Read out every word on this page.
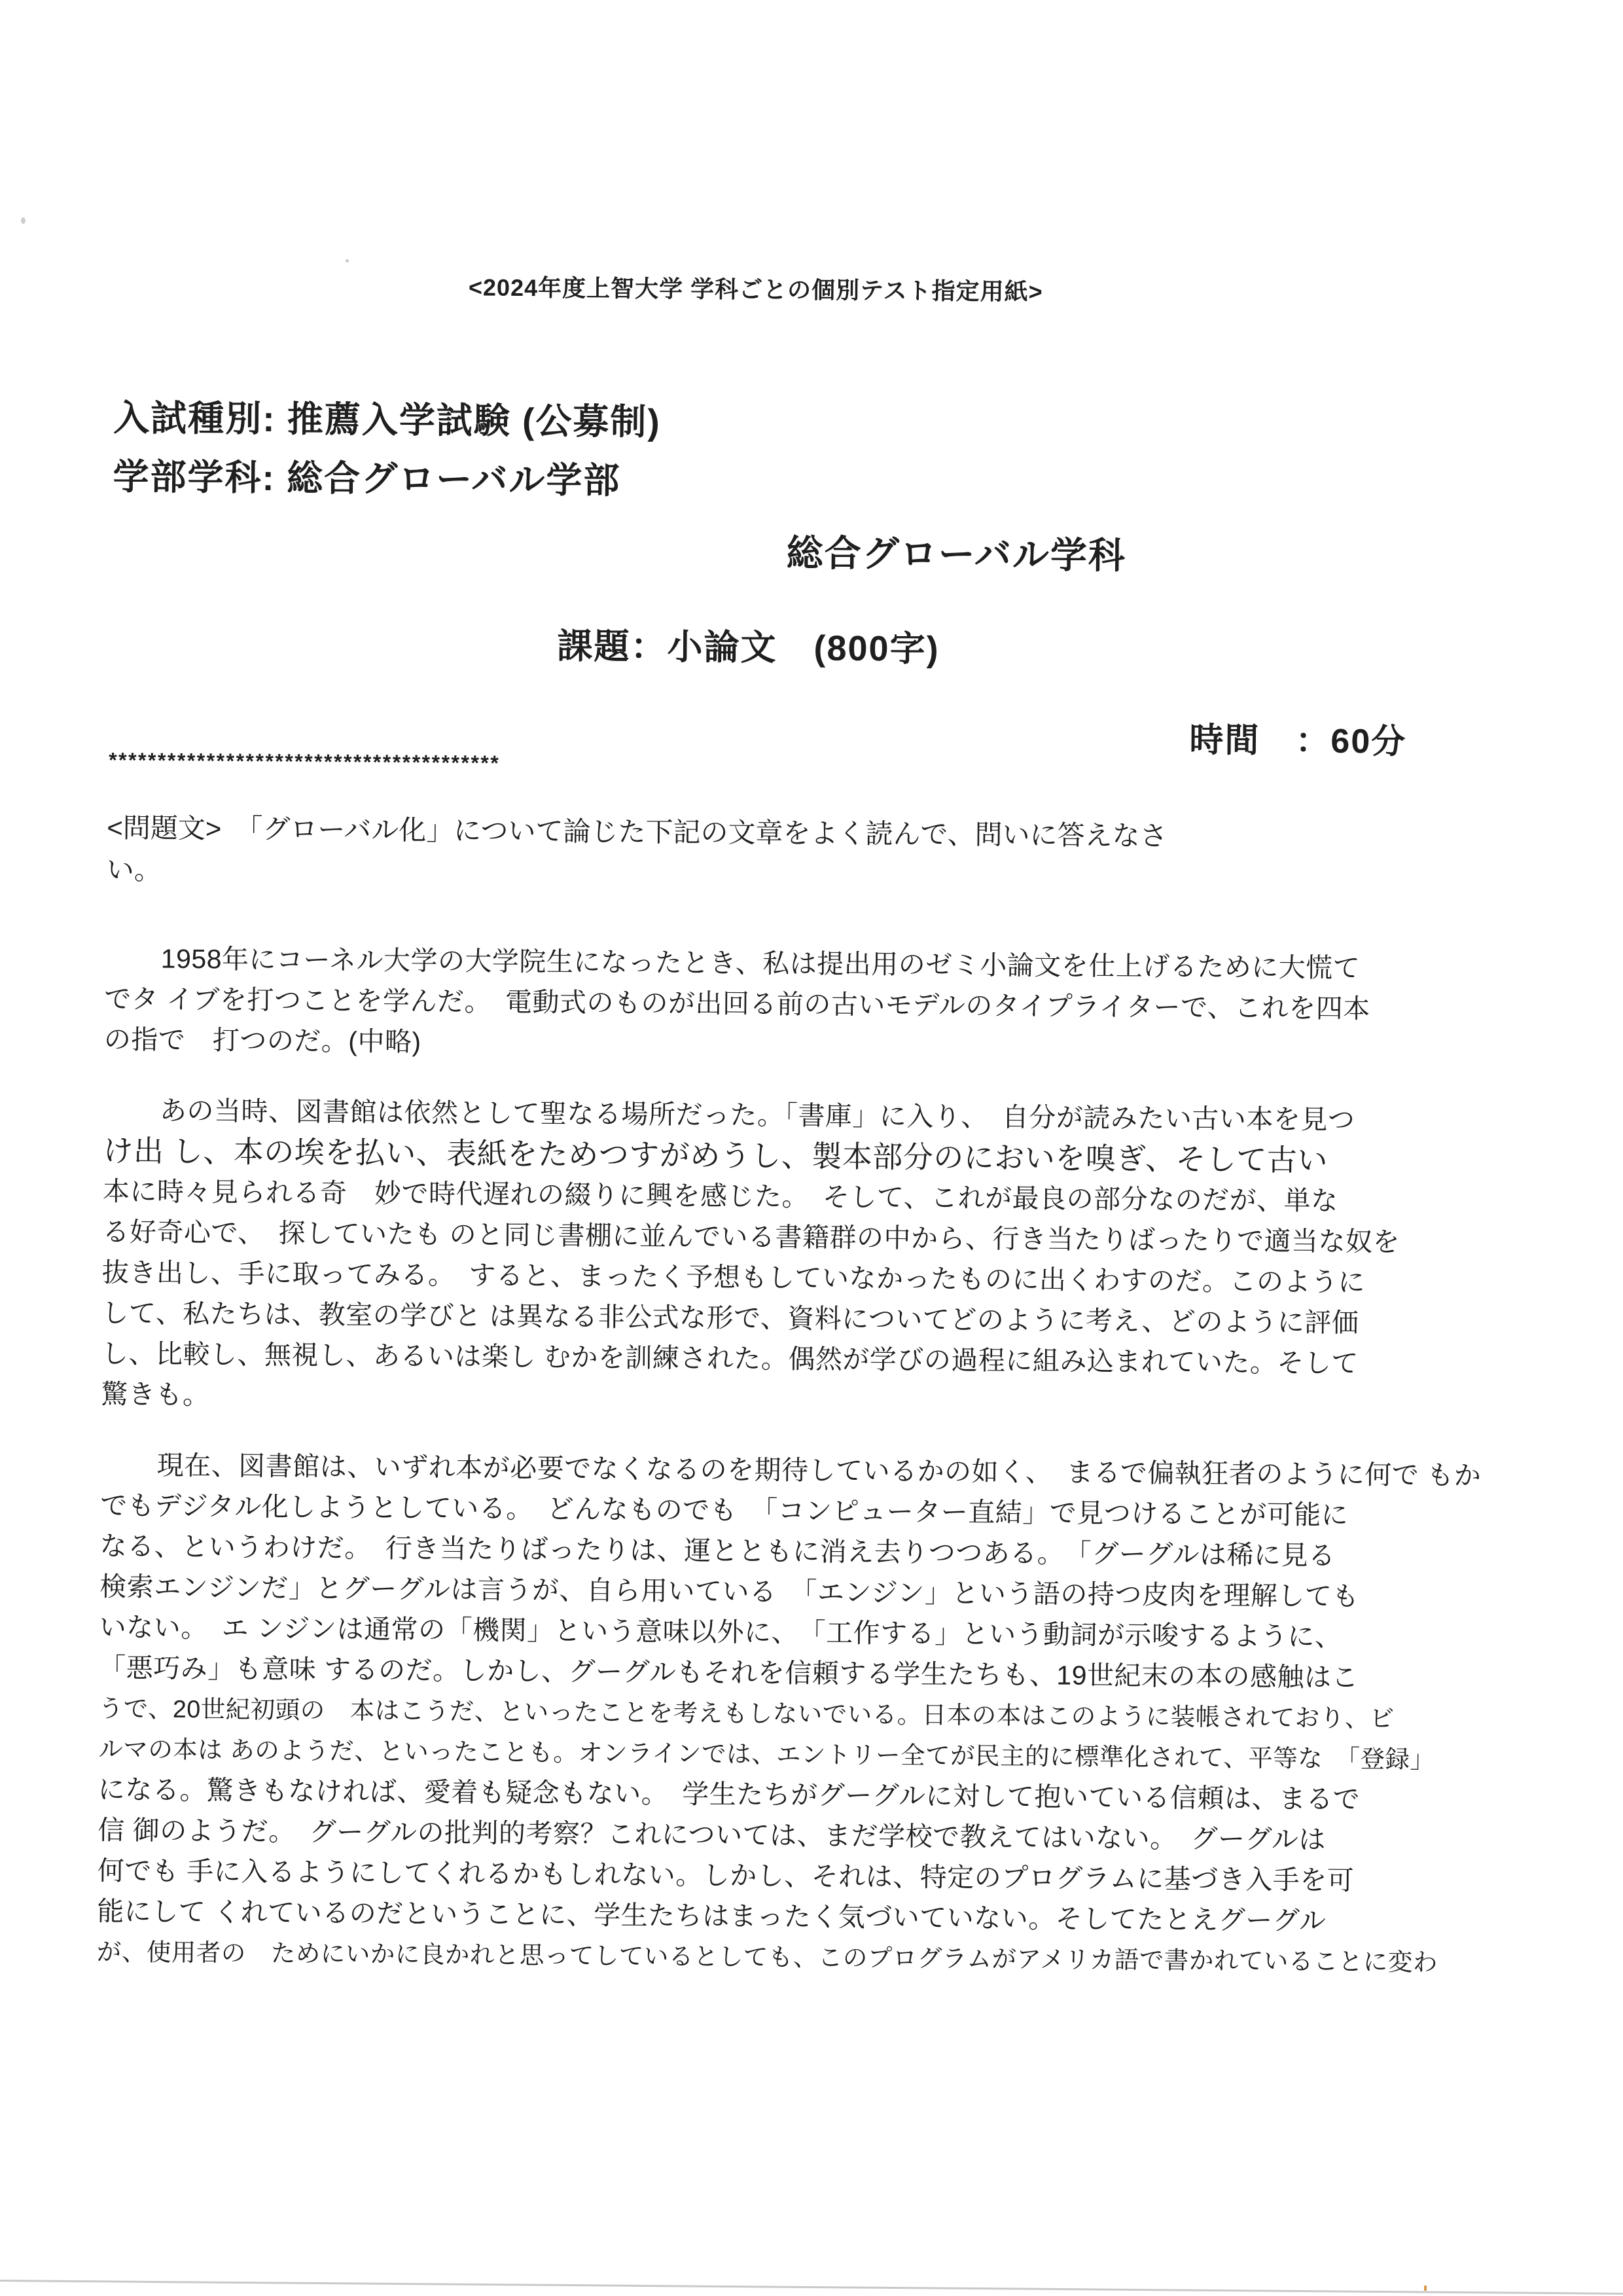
<2024年度上智大学 学科ごとの個別テスト指定用紙>
入試種別: 推薦入学試験 (公募制)
学部学科: 総合グローバル学部
総合グローバル学科
課題：小論文　(800字)
時間　：60分
****************************************
<問題文>　「グローバル化」について論じた下記の文章をよく読んで、問いに答えなさ
い。
1958年にコーネル大学の大学院生になったとき、私は提出用のゼミ小論文を仕上げるために大慌て
でタ イブを打つことを学んだ。　電動式のものが出回る前の古いモデルのタイプライターで、これを四本
の指で　打つのだ。(中略)
あの当時、図書館は依然として聖なる場所だった。「書庫」に入り、　自分が読みたい古い本を見つ
け出 し、本の埃を払い、表紙をためつすがめうし、製本部分のにおいを嗅ぎ、そして古い
本に時々見られる奇　妙で時代遅れの綴りに興を感じた。　そして、これが最良の部分なのだが、単な
る好奇心で、　探していたも のと同じ書棚に並んでいる書籍群の中から、行き当たりばったりで適当な奴を
抜き出し、手に取ってみる。　すると、まったく予想もしていなかったものに出くわすのだ。このように
して、私たちは、教室の学びと は異なる非公式な形で、資料についてどのように考え、どのように評価
し、比較し、無視し、あるいは楽し むかを訓練された。偶然が学びの過程に組み込まれていた。そして
驚きも。
現在、図書館は、いずれ本が必要でなくなるのを期待しているかの如く、　まるで偏執狂者のように何で もか
でもデジタル化しようとしている。　どんなものでも　「コンピューター直結」で見つけることが可能に
なる、というわけだ。　行き当たりばったりは、運とともに消え去りつつある。　「グーグルは稀に見る
検索エンジンだ」とグーグルは言うが、自ら用いている　「エンジン」という語の持つ皮肉を理解しても
いない。　エ ンジンは通常の「機関」という意味以外に、　「工作する」という動詞が示唆するように、
「悪巧み」も意味 するのだ。しかし、グーグルもそれを信頼する学生たちも、19世紀末の本の感触はこ
うで、20世紀初頭の　本はこうだ、といったことを考えもしないでいる。日本の本はこのように装帳されており、ビ
ルマの本は あのようだ、といったことも。オンラインでは、エントリー全てが民主的に標準化されて、平等な　「登録」
になる。驚きもなければ、愛着も疑念もない。　学生たちがグーグルに対して抱いている信頼は、まるで
信 御のようだ。　グーグルの批判的考察？これについては、まだ学校で教えてはいない。　グーグルは
何でも 手に入るようにしてくれるかもしれない。しかし、それは、特定のプログラムに基づき入手を可
能にして くれているのだということに、学生たちはまったく気づいていない。そしてたとえグーグル
が、使用者の　ためにいかに良かれと思ってしているとしても、このプログラムがアメリカ語で書かれていることに変わ
